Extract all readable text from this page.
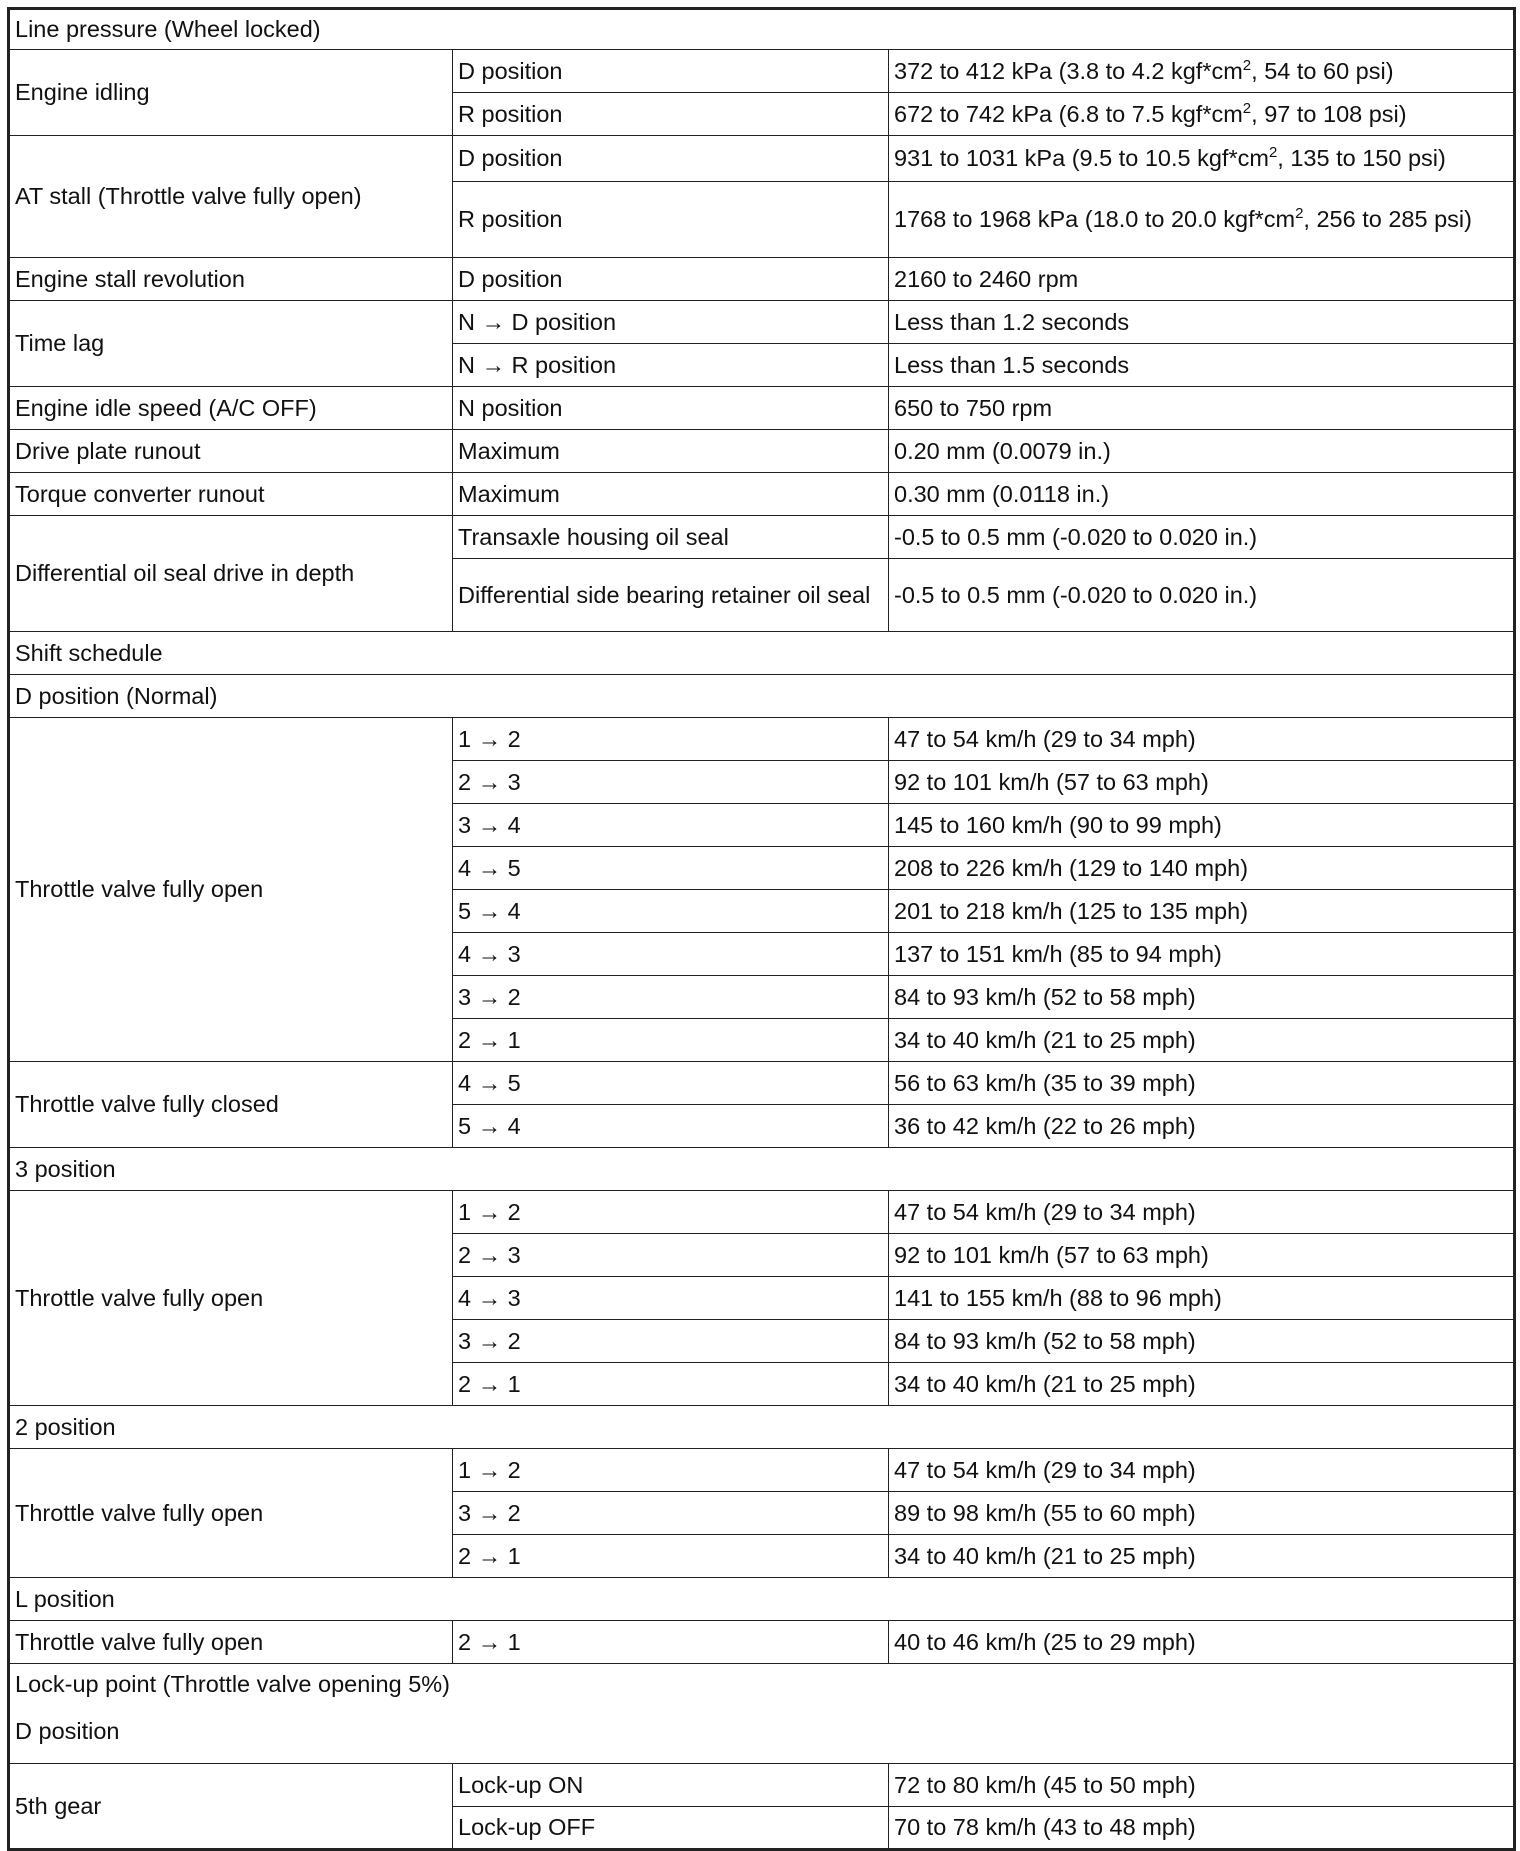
Line pressure (Wheel locked)		
Engine idling	D position	372 to 412 kPa (3.8 to 4.2 $kgf*cm^2$, 54 to 60 psi)
	R position	672 to 742 kPa (6.8 to 7.5 $kgf*cm^2$, 97 to 108 psi)
AT stall (Throttle valve fully open)	D position	931 to 1031 kPa (9.5 to 10.5 $kgf*cm^2$, 135 to 150 psi)
	R position	1768 to 1968 kPa (18.0 to 20.0 $kgf*cm^2$, 256 to 285 psi)
Engine stall revolution	D position	2160 to 2460 rpm
Time lag	N → D position	Less than 1.2 seconds
	N → R position	Less than 1.5 seconds
Engine idle speed (A/C OFF)	N position	650 to 750 rpm
Drive plate runout	Maximum	0.20 mm (0.0079 in.)
Torque converter runout	Maximum	0.30 mm (0.0118 in.)
Differential oil seal drive in depth	Transaxle housing oil seal	-0.5 to 0.5 mm (-0.020 to 0.020 in.)
	Differential side bearing retainer oil seal	-0.5 to 0.5 mm (-0.020 to 0.020 in.)
Shift schedule		
D position (Normal)		
Throttle valve fully open	1 → 2	47 to 54 km/h (29 to 34 mph)
	2 → 3	92 to 101 km/h (57 to 63 mph)
	3 → 4	145 to 160 km/h (90 to 99 mph)
	4 → 5	208 to 226 km/h (129 to 140 mph)
	5 → 4	201 to 218 km/h (125 to 135 mph)
	4 → 3	137 to 151 km/h (85 to 94 mph)
	3 → 2	84 to 93 km/h (52 to 58 mph)
	2 → 1	34 to 40 km/h (21 to 25 mph)
Throttle valve fully closed	4 → 5	56 to 63 km/h (35 to 39 mph)
	5 → 4	36 to 42 km/h (22 to 26 mph)
3 position		
Throttle valve fully open	1 → 2	47 to 54 km/h (29 to 34 mph)
	2 → 3	92 to 101 km/h (57 to 63 mph)
	4 → 3	141 to 155 km/h (88 to 96 mph)
	3 → 2	84 to 93 km/h (52 to 58 mph)
	2 → 1	34 to 40 km/h (21 to 25 mph)
2 position		
Throttle valve fully open	1 → 2	47 to 54 km/h (29 to 34 mph)
	3 → 2	89 to 98 km/h (55 to 60 mph)
	2 → 1	34 to 40 km/h (21 to 25 mph)
L position		
Throttle valve fully open	2 → 1	40 to 46 km/h (25 to 29 mph)

Lock-up point (Throttle valve opening 5%)
D position		

5th gear	Lock-up ON	72 to 80 km/h (45 to 50 mph)
	Lock-up OFF	70 to 78 km/h (43 to 48 mph)
